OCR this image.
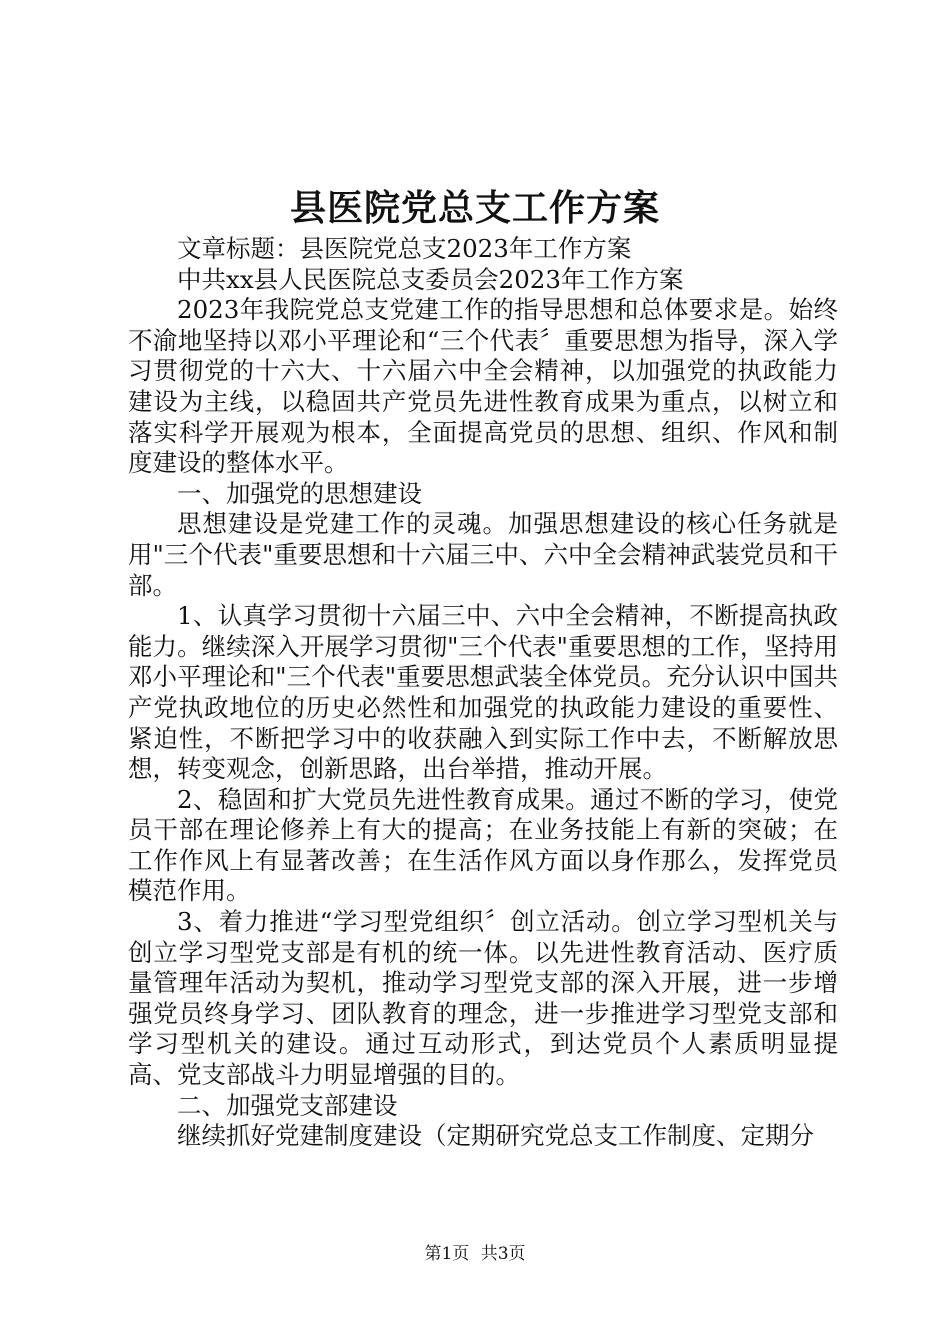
县医院党总支工作方案

文章标题：县医院党总支2023年工作方案

中共xx县人民医院总支委员会2023年工作方案

2023年我院党总支党建工作的指导思想和总体要求是。始终不渝地坚持以邓小平理论和“三个代表〞重要思想为指导，深入学习贯彻党的十六大、十六届六中全会精神，以加强党的执政能力建设为主线，以稳固共产党员先进性教育成果为重点，以树立和落实科学开展观为根本，全面提高党员的思想、组织、作风和制度建设的整体水平。

一、加强党的思想建设

思想建设是党建工作的灵魂。加强思想建设的核心任务就是用"三个代表"重要思想和十六届三中、六中全会精神武装党员和干部。

1、认真学习贯彻十六届三中、六中全会精神，不断提高执政能力。继续深入开展学习贯彻"三个代表"重要思想的工作，坚持用邓小平理论和"三个代表"重要思想武装全体党员。充分认识中国共产党执政地位的历史必然性和加强党的执政能力建设的重要性、紧迫性，不断把学习中的收获融入到实际工作中去，不断解放思想，转变观念，创新思路，出台举措，推动开展。

2、稳固和扩大党员先进性教育成果。通过不断的学习，使党员干部在理论修养上有大的提高；在业务技能上有新的突破；在工作作风上有显著改善；在生活作风方面以身作那么，发挥党员模范作用。

3、着力推进“学习型党组织〞创立活动。创立学习型机关与创立学习型党支部是有机的统一体。以先进性教育活动、医疗质量管理年活动为契机，推动学习型党支部的深入开展，进一步增强党员终身学习、团队教育的理念，进一步推进学习型党支部和学习型机关的建设。通过互动形式，到达党员个人素质明显提高、党支部战斗力明显增强的目的。

二、加强党支部建设

继续抓好党建制度建设（定期研究党总支工作制度、定期分

第1页 共3页
